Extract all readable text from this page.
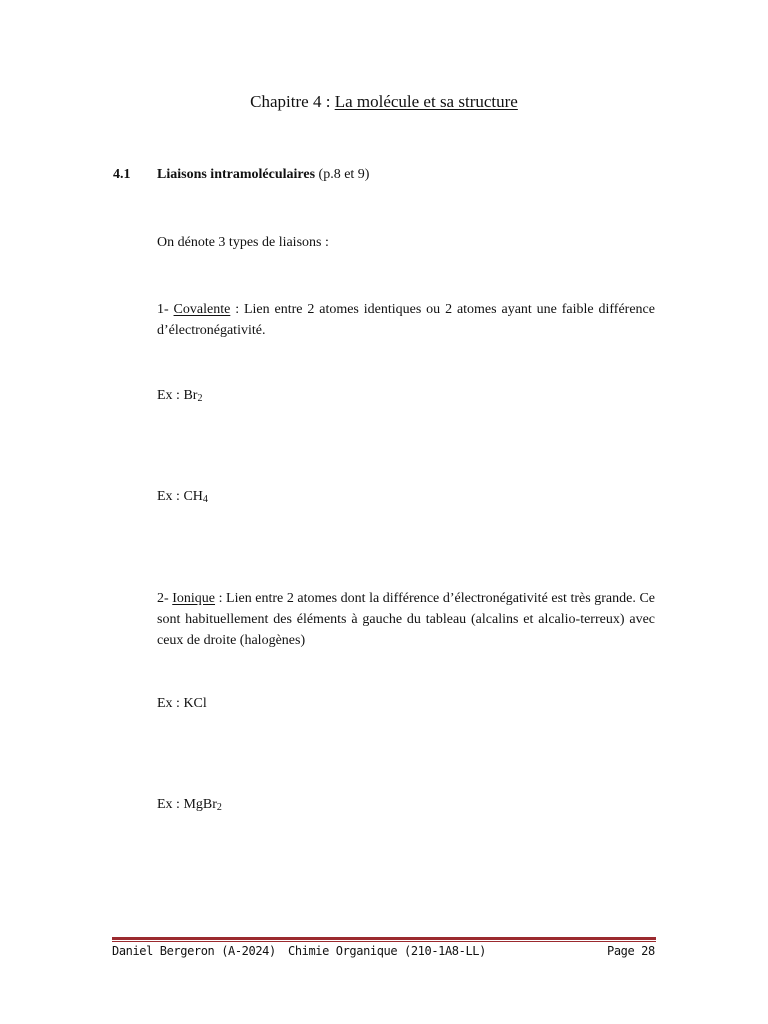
Chapitre 4 : La molécule et sa structure
4.1 Liaisons intramoléculaires (p.8 et 9)
On dénote 3 types de liaisons :
1- Covalente : Lien entre 2 atomes identiques ou 2 atomes ayant une faible différence d’électronégativité.
Ex : $Br_2$
Ex : $CH_4$
2- Ionique : Lien entre 2 atomes dont la différence d’électronégativité est très grande. Ce sont habituellement des éléments à gauche du tableau (alcalins et alcalio-terreux) avec ceux de droite (halogènes)
Ex : KCl
Ex : MgBr$_2$
Daniel Bergeron (A-2024) Chimie Organique (210-1A8-LL)	Page 28
